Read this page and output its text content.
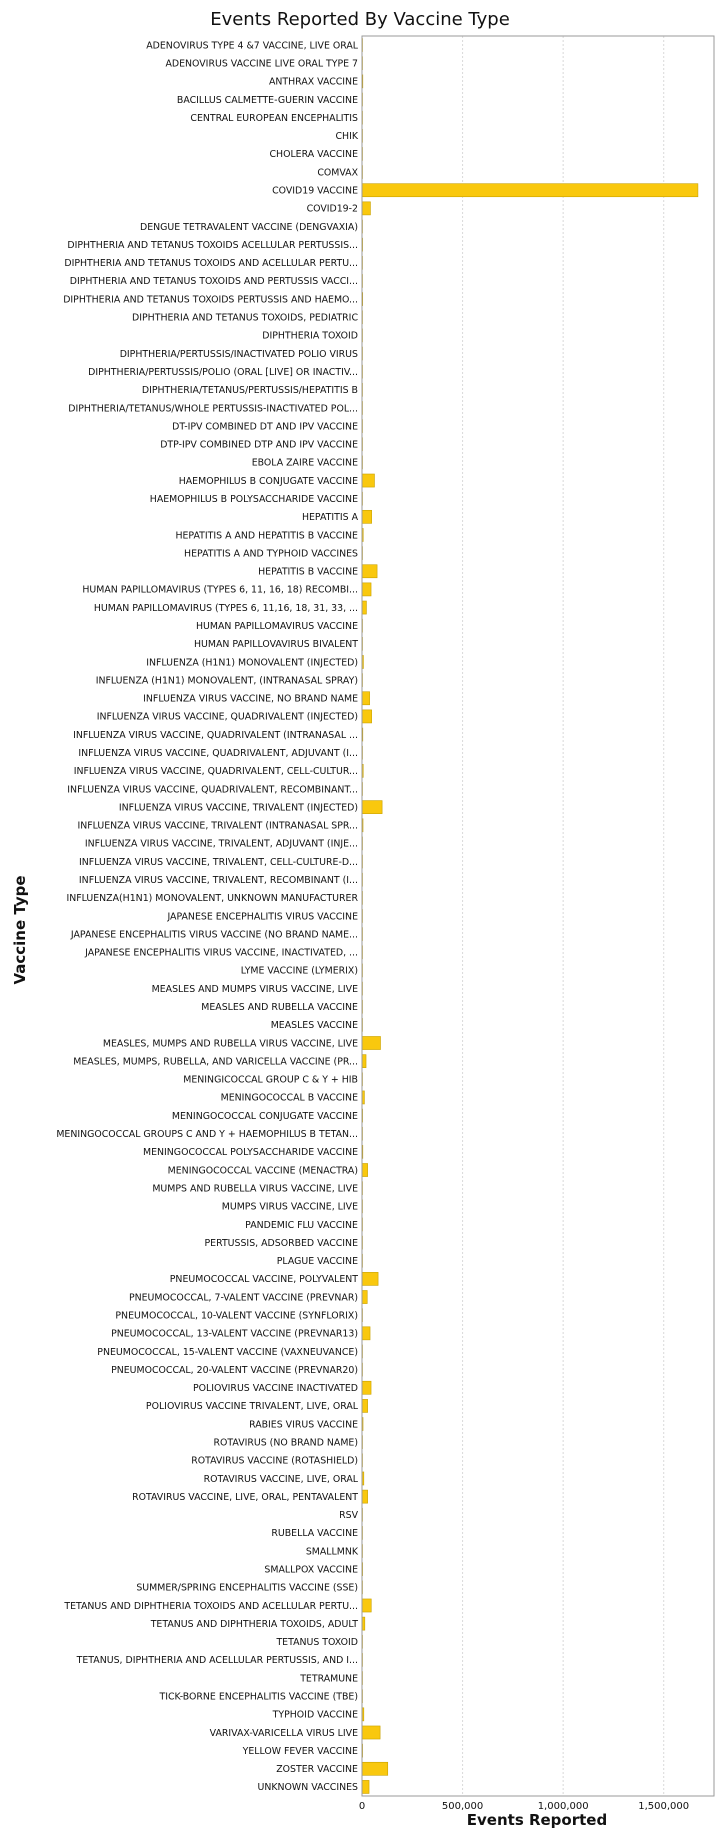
Events Reported By Vaccine Type
ADENOVIRUS TYPE 4 &7 VACCINE, LIVE ORAL
ADENOVIRUS VACCINE LIVE ORAL TYPE 7
ANTHRAX VACCINE
BACILLUS CALMETTE-GUERIN VACCINE
CENTRAL EUROPEAN ENCEPHALITIS
CHIK
CHOLERA VACCINE
COMVAX
COVID19 VACCINE
COVID19-2
DENGUE TETRAVALENT VACCINE (DENGVAXIA)
DIPHTHERIA AND TETANUS TOXOIDS ACELLULAR PERTUSSIS...
DIPHTHERIA AND TETANUS TOXOIDS AND ACELLULAR PERTU...
DIPHTHERIA AND TETANUS TOXOIDS AND PERTUSSIS VACCI...
DIPHTHERIA AND TETANUS TOXOIDS PERTUSSIS AND HAEMO...
DIPHTHERIA AND TETANUS TOXOIDS, PEDIATRIC
DIPHTHERIA TOXOID
DIPHTHERIA/PERTUSSIS/INACTIVATED POLIO VIRUS
DIPHTHERIA/PERTUSSIS/POLIO (ORAL [LIVE] OR INACTIV...
DIPHTHERIA/TETANUS/PERTUSSIS/HEPATITIS B
DIPHTHERIA/TETANUS/WHOLE PERTUSSIS-INACTIVATED POL...
DT-IPV COMBINED DT AND IPV VACCINE
DTP-IPV COMBINED DTP AND IPV VACCINE
EBOLA ZAIRE VACCINE
HAEMOPHILUS B CONJUGATE VACCINE
HAEMOPHILUS B POLYSACCHARIDE VACCINE
HEPATITIS A
HEPATITIS A AND HEPATITIS B VACCINE
HEPATITIS A AND TYPHOID VACCINES
HEPATITIS B VACCINE
HUMAN PAPILLOMAVIRUS (TYPES 6, 11, 16, 18) RECOMBI...
HUMAN PAPILLOMAVIRUS (TYPES 6, 11,16, 18, 31, 33, ...
HUMAN PAPILLOMAVIRUS VACCINE
HUMAN PAPILLOVAVIRUS BIVALENT
INFLUENZA (H1N1) MONOVALENT (INJECTED)
INFLUENZA (H1N1) MONOVALENT, (INTRANASAL SPRAY)
INFLUENZA VIRUS VACCINE, NO BRAND NAME
INFLUENZA VIRUS VACCINE, QUADRIVALENT (INJECTED)
INFLUENZA VIRUS VACCINE, QUADRIVALENT (INTRANASAL ...
INFLUENZA VIRUS VACCINE, QUADRIVALENT, ADJUVANT (I...
INFLUENZA VIRUS VACCINE, QUADRIVALENT, CELL-CULTUR...
INFLUENZA VIRUS VACCINE, QUADRIVALENT, RECOMBINANT...
INFLUENZA VIRUS VACCINE, TRIVALENT (INJECTED)
INFLUENZA VIRUS VACCINE, TRIVALENT (INTRANASAL SPR...
INFLUENZA VIRUS VACCINE, TRIVALENT, ADJUVANT (INJE...
INFLUENZA VIRUS VACCINE, TRIVALENT, CELL-CULTURE-D...
INFLUENZA VIRUS VACCINE, TRIVALENT, RECOMBINANT (I...
INFLUENZA(H1N1) MONOVALENT, UNKNOWN MANUFACTURER
JAPANESE ENCEPHALITIS VIRUS VACCINE
JAPANESE ENCEPHALITIS VIRUS VACCINE (NO BRAND NAME...
JAPANESE ENCEPHALITIS VIRUS VACCINE, INACTIVATED, ...
LYME VACCINE (LYMERIX)
MEASLES AND MUMPS VIRUS VACCINE, LIVE
MEASLES AND RUBELLA VACCINE
MEASLES VACCINE
MEASLES, MUMPS AND RUBELLA VIRUS VACCINE, LIVE
MEASLES, MUMPS, RUBELLA, AND VARICELLA VACCINE (PR...
MENINGICOCCAL GROUP C & Y + HIB
MENINGOCOCCAL B VACCINE
MENINGOCOCCAL CONJUGATE VACCINE
MENINGOCOCCAL GROUPS C AND Y + HAEMOPHILUS B TETAN...
MENINGOCOCCAL POLYSACCHARIDE VACCINE
MENINGOCOCCAL VACCINE (MENACTRA)
MUMPS AND RUBELLA VIRUS VACCINE, LIVE
MUMPS VIRUS VACCINE, LIVE
PANDEMIC FLU VACCINE
PERTUSSIS, ADSORBED VACCINE
PLAGUE VACCINE
PNEUMOCOCCAL VACCINE, POLYVALENT
PNEUMOCOCCAL, 7-VALENT VACCINE (PREVNAR)
PNEUMOCOCCAL, 10-VALENT VACCINE (SYNFLORIX)
PNEUMOCOCCAL, 13-VALENT VACCINE (PREVNAR13)
PNEUMOCOCCAL, 15-VALENT VACCINE (VAXNEUVANCE)
PNEUMOCOCCAL, 20-VALENT VACCINE (PREVNAR20)
POLIOVIRUS VACCINE INACTIVATED
POLIOVIRUS VACCINE TRIVALENT, LIVE, ORAL
RABIES VIRUS VACCINE
ROTAVIRUS (NO BRAND NAME)
ROTAVIRUS VACCINE (ROTASHIELD)
ROTAVIRUS VACCINE, LIVE, ORAL
ROTAVIRUS VACCINE, LIVE, ORAL, PENTAVALENT
RSV
RUBELLA VACCINE
SMALLMNK
SMALLPOX VACCINE
SUMMER/SPRING ENCEPHALITIS VACCINE (SSE)
TETANUS AND DIPHTHERIA TOXOIDS AND ACELLULAR PERTU...
TETANUS AND DIPHTHERIA TOXOIDS, ADULT
TETANUS TOXOID
TETANUS, DIPHTHERIA AND ACELLULAR PERTUSSIS, AND I...
TETRAMUNE
TICK-BORNE ENCEPHALITIS VACCINE (TBE)
TYPHOID VACCINE
VARIVAX-VARICELLA VIRUS LIVE
YELLOW FEVER VACCINE
ZOSTER VACCINE
UNKNOWN VACCINES
0	500,000	1,000,000	1,500,000
Events Reported
Vaccine Type
